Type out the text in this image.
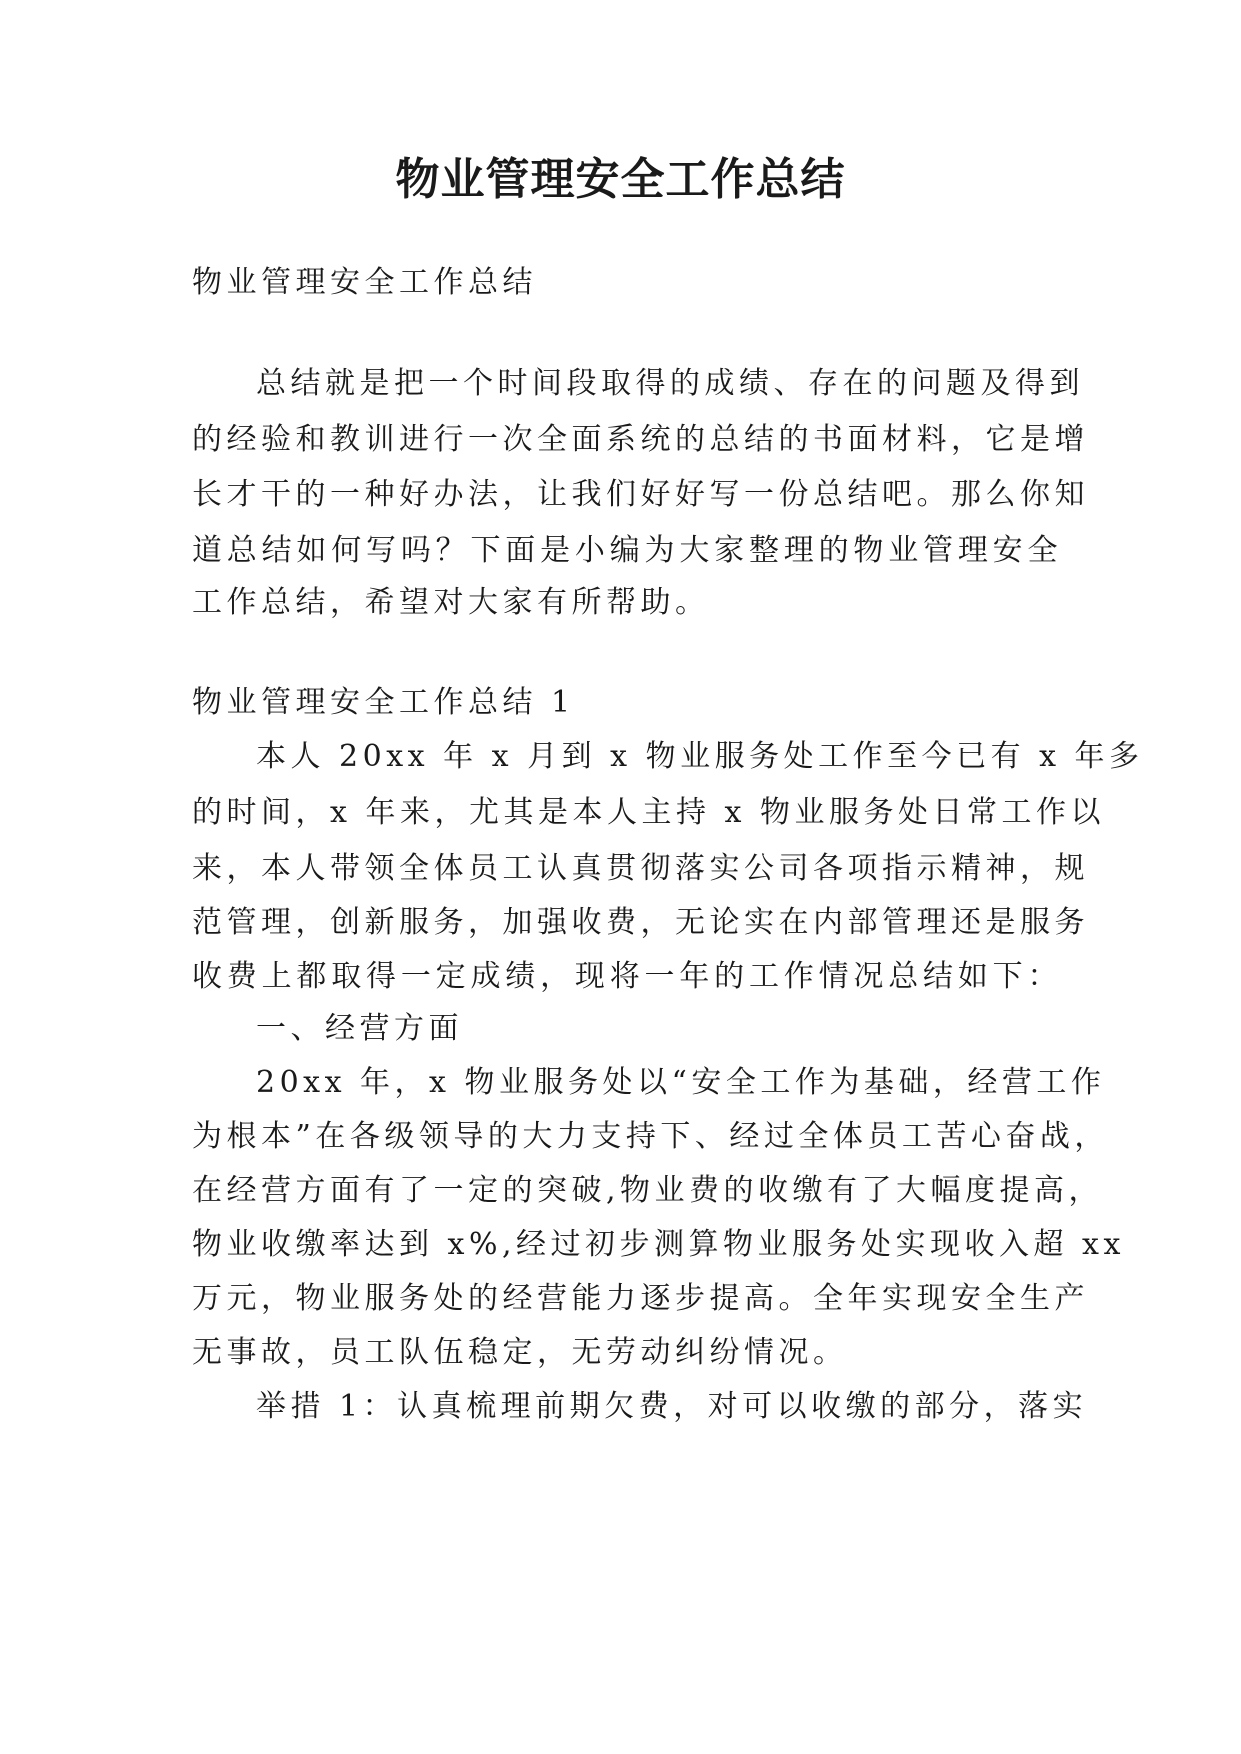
物业管理安全工作总结

物业管理安全工作总结

总结就是把一个时间段取得的成绩、存在的问题及得到

的经验和教训进行一次全面系统的总结的书面材料，它是增

长才干的一种好办法，让我们好好写一份总结吧。那么你知

道总结如何写吗？下面是小编为大家整理的物业管理安全

工作总结，希望对大家有所帮助。

物业管理安全工作总结 1

本人 20xx 年 x 月到 x 物业服务处工作至今已有 x 年多

的时间，x 年来，尤其是本人主持 x 物业服务处日常工作以

来，本人带领全体员工认真贯彻落实公司各项指示精神，规

范管理，创新服务，加强收费，无论实在内部管理还是服务

收费上都取得一定成绩，现将一年的工作情况总结如下：

一、经营方面

20xx 年，x 物业服务处以“安全工作为基础，经营工作

为根本”在各级领导的大力支持下、经过全体员工苦心奋战，

在经营方面有了一定的突破,物业费的收缴有了大幅度提高，

物业收缴率达到 x%,经过初步测算物业服务处实现收入超 xx

万元，物业服务处的经营能力逐步提高。全年实现安全生产

无事故，员工队伍稳定，无劳动纠纷情况。

举措 1：认真梳理前期欠费，对可以收缴的部分，落实
